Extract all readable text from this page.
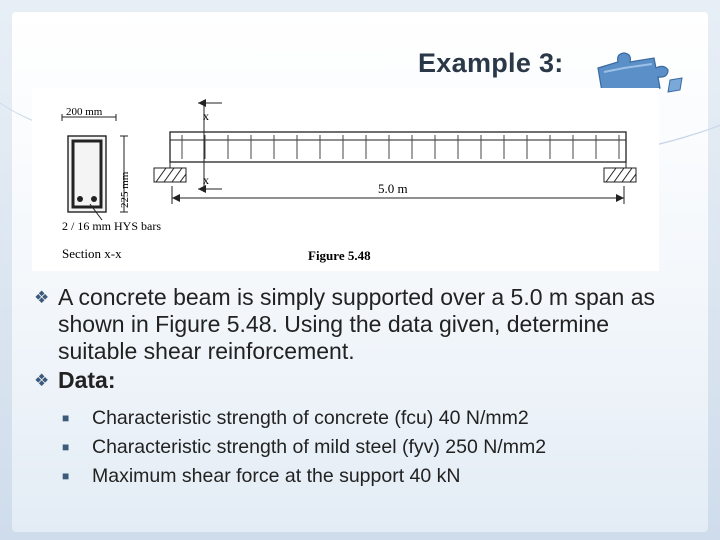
Example 3:
200 mm
225 mm
2 / 16 mm HYS bars
Section x-x
x
x
5.0 m
Figure 5.48
❖ A concrete beam is simply supported over a 5.0 m span as shown in Figure 5.48. Using the data given, determine suitable shear reinforcement.
❖ Data:
■	Characteristic strength of concrete (fcu) 40 N/mm2
■	Characteristic strength of mild steel (fyv) 250 N/mm2
■	Maximum shear force at the support 40 kN
